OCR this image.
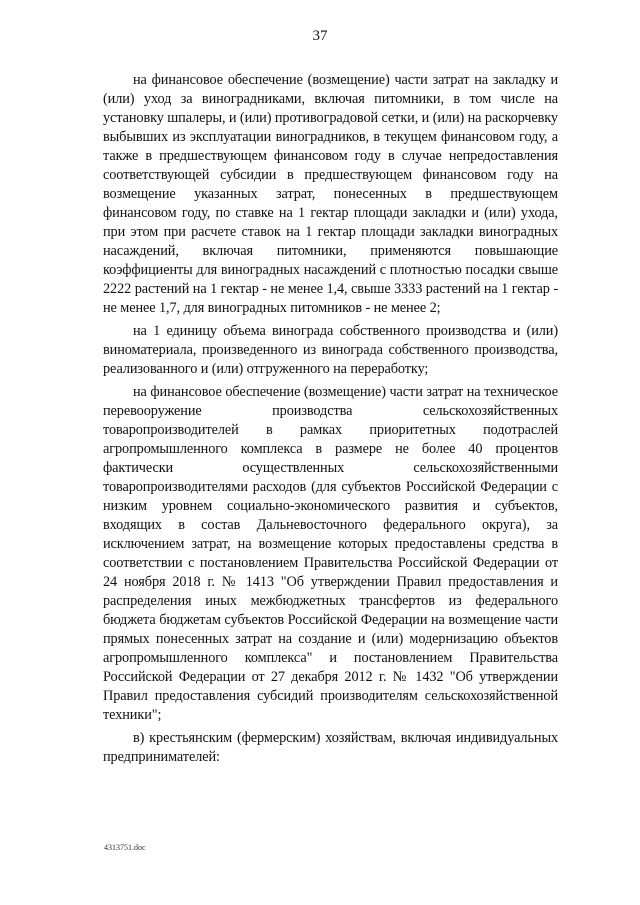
37

на финансовое обеспечение (возмещение) части затрат на закладку и (или) уход за виноградниками, включая питомники, в том числе на установку шпалеры, и (или) противоградовой сетки, и (или) на раскорчевку выбывших из эксплуатации виноградников, в текущем финансовом году, а также в предшествующем финансовом году в случае непредоставления соответствующей субсидии в предшествующем финансовом году на возмещение указанных затрат, понесенных в предшествующем финансовом году, по ставке на 1 гектар площади закладки и (или) ухода, при этом при расчете ставок на 1 гектар площади закладки виноградных насаждений, включая питомники, применяются повышающие коэффициенты для виноградных насаждений с плотностью посадки свыше 2222 растений на 1 гектар - не менее 1,4, свыше 3333 растений на 1 гектар - не менее 1,7, для виноградных питомников - не менее 2;

на 1 единицу объема винограда собственного производства и (или) виноматериала, произведенного из винограда собственного производства, реализованного и (или) отгруженного на переработку;

на финансовое обеспечение (возмещение) части затрат на техническое перевооружение производства сельскохозяйственных товаропроизводителей в рамках приоритетных подотраслей агропромышленного комплекса в размере не более 40 процентов фактически осуществленных сельскохозяйственными товаропроизводителями расходов (для субъектов Российской Федерации с низким уровнем социально-экономического развития и субъектов, входящих в состав Дальневосточного федерального округа), за исключением затрат, на возмещение которых предоставлены средства в соответствии с постановлением Правительства Российской Федерации от 24 ноября 2018 г. № 1413 "Об утверждении Правил предоставления и распределения иных межбюджетных трансфертов из федерального бюджета бюджетам субъектов Российской Федерации на возмещение части прямых понесенных затрат на создание и (или) модернизацию объектов агропромышленного комплекса" и постановлением Правительства Российской Федерации от 27 декабря 2012 г. № 1432 "Об утверждении Правил предоставления субсидий производителям сельскохозяйственной техники";

в) крестьянским (фермерским) хозяйствам, включая индивидуальных предпринимателей:

4313751.doc
